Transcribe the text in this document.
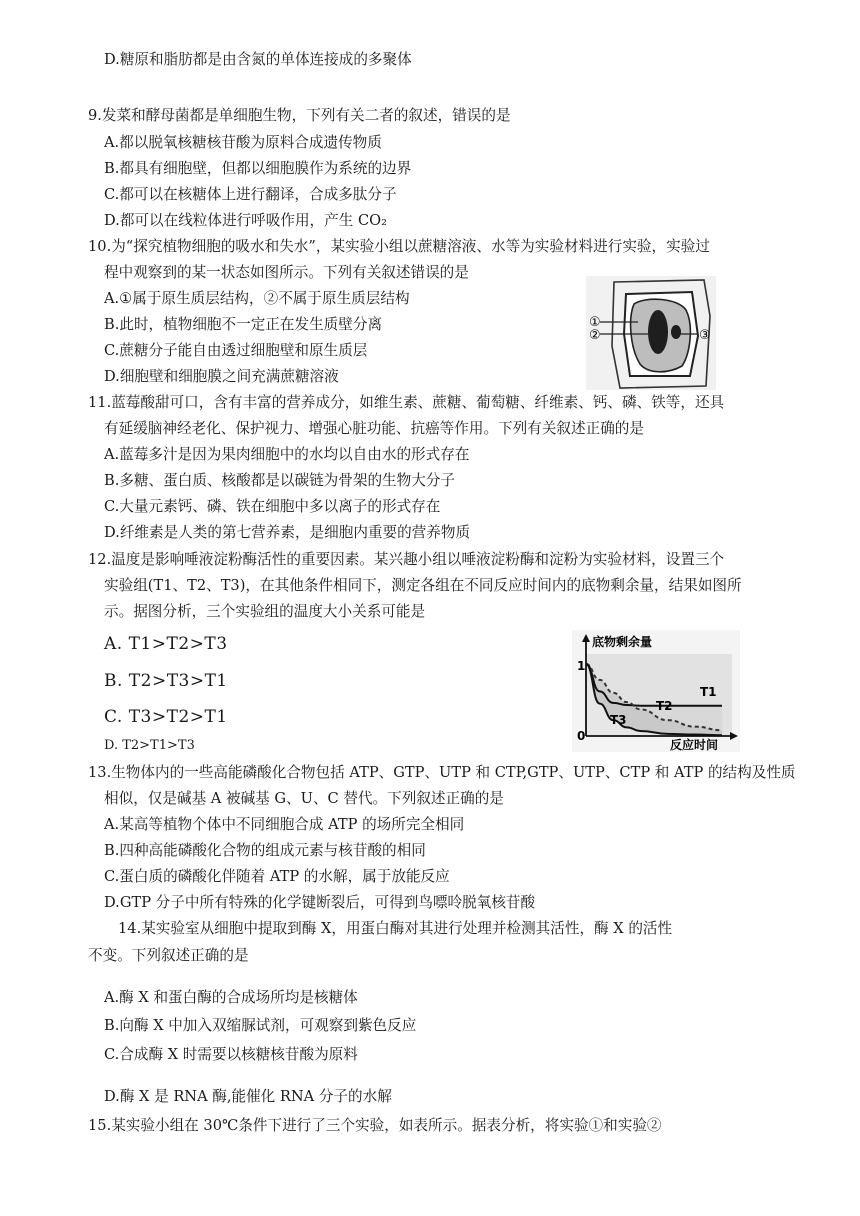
D.糖原和脂肪都是由含氮的单体连接成的多聚体
9.发菜和酵母菌都是单细胞生物，下列有关二者的叙述，错误的是
A.都以脱氧核糖核苷酸为原料合成遗传物质
B.都具有细胞壁，但都以细胞膜作为系统的边界
C.都可以在核糖体上进行翻译，合成多肽分子
D.都可以在线粒体进行呼吸作用，产生 CO₂
10.为“探究植物细胞的吸水和失水”，某实验小组以蔗糖溶液、水等为实验材料进行实验，实验过
程中观察到的某一状态如图所示。下列有关叙述错误的是
A.①属于原生质层结构，②不属于原生质层结构
B.此时，植物细胞不一定正在发生质壁分离
C.蔗糖分子能自由透过细胞壁和原生质层
D.细胞壁和细胞膜之间充满蔗糖溶液
①
②	③
11.蓝莓酸甜可口，含有丰富的营养成分，如维生素、蔗糖、葡萄糖、纤维素、钙、磷、铁等，还具
有延缓脑神经老化、保护视力、增强心脏功能、抗癌等作用。下列有关叙述正确的是
A.蓝莓多汁是因为果肉细胞中的水均以自由水的形式存在
B.多糖、蛋白质、核酸都是以碳链为骨架的生物大分子
C.大量元素钙、磷、铁在细胞中多以离子的形式存在
D.纤维素是人类的第七营养素，是细胞内重要的营养物质
12.温度是影响唾液淀粉酶活性的重要因素。某兴趣小组以唾液淀粉酶和淀粉为实验材料，设置三个
实验组(T1、T2、T3)，在其他条件相同下，测定各组在不同反应时间内的底物剩余量，结果如图所
示。据图分析，三个实验组的温度大小关系可能是
A. T1>T2>T3
B. T2>T3>T1
C. T3>T2>T1
D. T2>T1>T3
底物剩余量
反应时间
1
0
T1
T2
T3
13.生物体内的一些高能磷酸化合物包括 ATP、GTP、UTP 和 CTP,GTP、UTP、CTP 和 ATP 的结构及性质
相似，仅是碱基 A 被碱基 G、U、C 替代。下列叙述正确的是
A.某高等植物个体中不同细胞合成 ATP 的场所完全相同
B.四种高能磷酸化合物的组成元素与核苷酸的相同
C.蛋白质的磷酸化伴随着 ATP 的水解，属于放能反应
D.GTP 分子中所有特殊的化学键断裂后，可得到鸟嘌呤脱氧核苷酸
14.某实验室从细胞中提取到酶 X，用蛋白酶对其进行处理并检测其活性，酶 X 的活性
不变。下列叙述正确的是
A.酶 X 和蛋白酶的合成场所均是核糖体
B.向酶 X 中加入双缩脲试剂，可观察到紫色反应
C.合成酶 X 时需要以核糖核苷酸为原料
D.酶 X 是 RNA 酶,能催化 RNA 分子的水解
15.某实验小组在 30℃条件下进行了三个实验，如表所示。据表分析，将实验①和实验②
